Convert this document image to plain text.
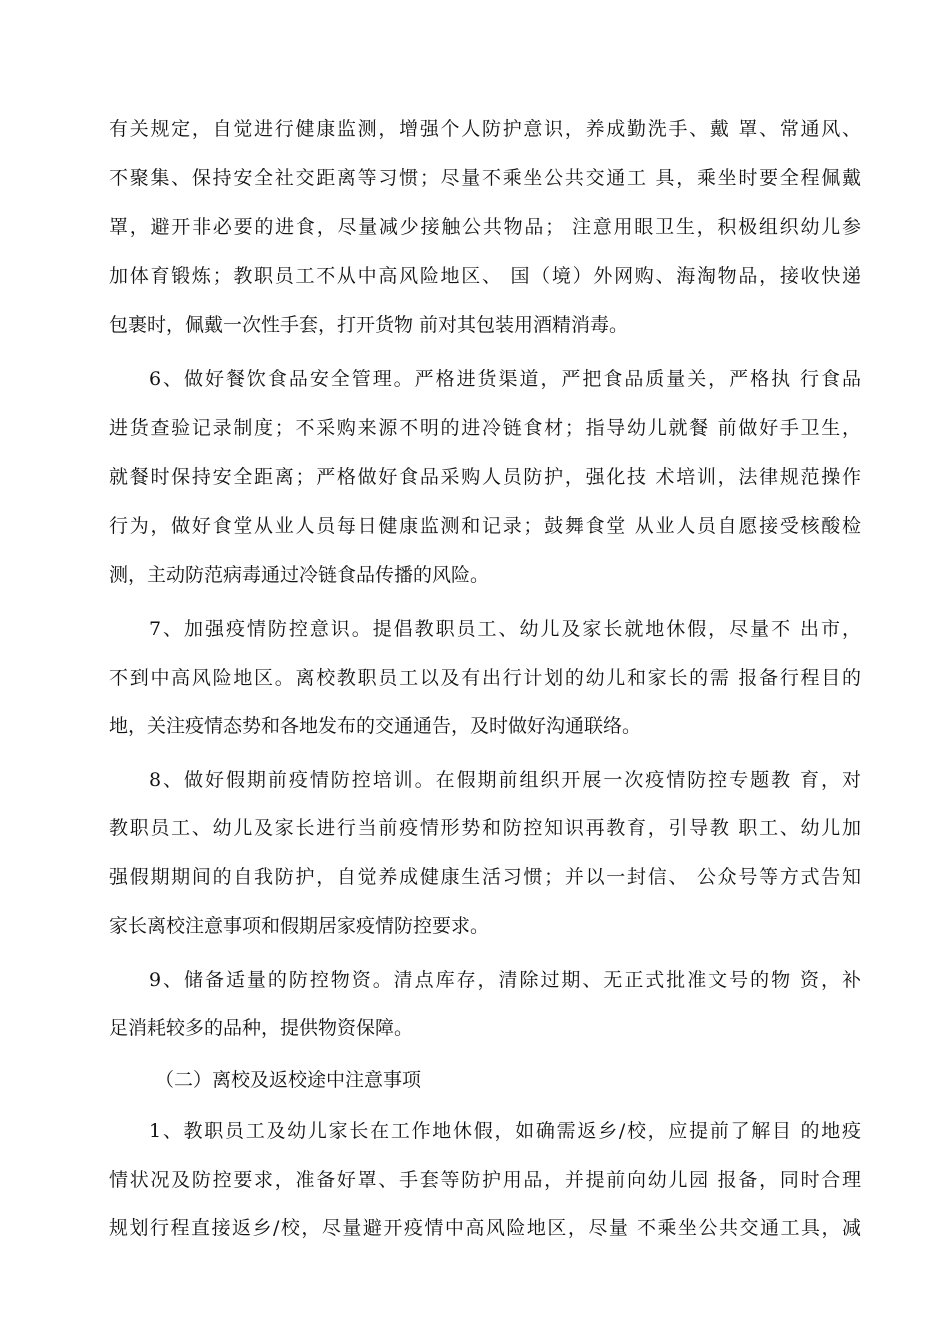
有关规定，自觉进行健康监测，增强个人防护意识，养成勤洗手、戴 罩、常通风、
不聚集、保持安全社交距离等习惯；尽量不乘坐公共交通工 具，乘坐时要全程佩戴
罩，避开非必要的进食，尽量减少接触公共物品； 注意用眼卫生，积极组织幼儿参
加体育锻炼；教职员工不从中高风险地区、 国（境）外网购、海淘物品，接收快递
包裹时，佩戴一次性手套，打开货物 前对其包装用酒精消毒。
6、做好餐饮食品安全管理。严格进货渠道，严把食品质量关，严格执 行食品
进货查验记录制度；不采购来源不明的进冷链食材；指导幼儿就餐 前做好手卫生，
就餐时保持安全距离；严格做好食品采购人员防护，强化技 术培训，法律规范操作
行为，做好食堂从业人员每日健康监测和记录；鼓舞食堂 从业人员自愿接受核酸检
测，主动防范病毒通过冷链食品传播的风险。
7、加强疫情防控意识。提倡教职员工、幼儿及家长就地休假，尽量不 出市，
不到中高风险地区。离校教职员工以及有出行计划的幼儿和家长的需 报备行程目的
地，关注疫情态势和各地发布的交通通告，及时做好沟通联络。
8、做好假期前疫情防控培训。在假期前组织开展一次疫情防控专题教 育，对
教职员工、幼儿及家长进行当前疫情形势和防控知识再教育，引导教 职工、幼儿加
强假期期间的自我防护，自觉养成健康生活习惯；并以一封信、 公众号等方式告知
家长离校注意事项和假期居家疫情防控要求。
9、储备适量的防控物资。清点库存，清除过期、无正式批准文号的物 资，补
足消耗较多的品种，提供物资保障。
（二）离校及返校途中注意事项
1、教职员工及幼儿家长在工作地休假，如确需返乡/校，应提前了解目 的地疫
情状况及防控要求，准备好罩、手套等防护用品，并提前向幼儿园 报备，同时合理
规划行程直接返乡/校，尽量避开疫情中高风险地区，尽量 不乘坐公共交通工具，减
